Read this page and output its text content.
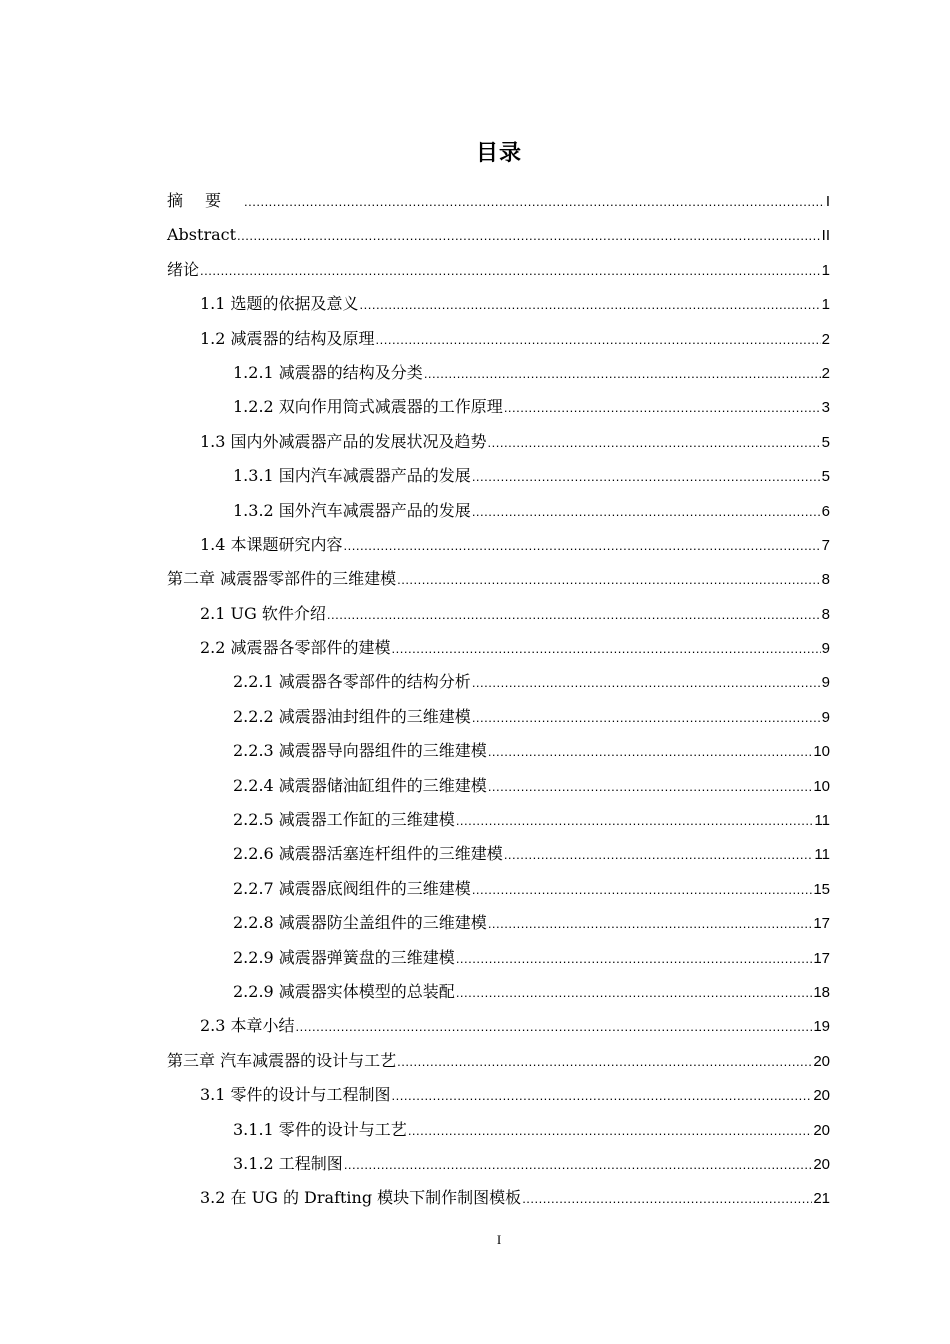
目录
摘要 .....	I
Abstract .....	II
绪论 .....	1
1.1 选题的依据及意义 .....	1
1.2 减震器的结构及原理 .....	2
1.2.1 减震器的结构及分类 .....	2
1.2.2 双向作用筒式减震器的工作原理 .....	3
1.3 国内外减震器产品的发展状况及趋势 .....	5
1.3.1 国内汽车减震器产品的发展 .....	5
1.3.2 国外汽车减震器产品的发展 .....	6
1.4 本课题研究内容 .....	7
第二章 减震器零部件的三维建模 .....	8
2.1 UG 软件介绍 .....	8
2.2 减震器各零部件的建模 .....	9
2.2.1 减震器各零部件的结构分析 .....	9
2.2.2 减震器油封组件的三维建模 .....	9
2.2.3 减震器导向器组件的三维建模 .....	10
2.2.4 减震器储油缸组件的三维建模 .....	10
2.2.5 减震器工作缸的三维建模 .....	11
2.2.6 减震器活塞连杆组件的三维建模 .....	11
2.2.7 减震器底阀组件的三维建模 .....	15
2.2.8 减震器防尘盖组件的三维建模 .....	17
2.2.9 减震器弹簧盘的三维建模 .....	17
2.2.9 减震器实体模型的总装配 .....	18
2.3 本章小结 .....	19
第三章 汽车减震器的设计与工艺 .....	20
3.1 零件的设计与工程制图 .....	20
3.1.1 零件的设计与工艺 .....	20
3.1.2 工程制图 .....	20
3.2 在 UG 的 Drafting 模块下制作制图模板 .....	21
I
